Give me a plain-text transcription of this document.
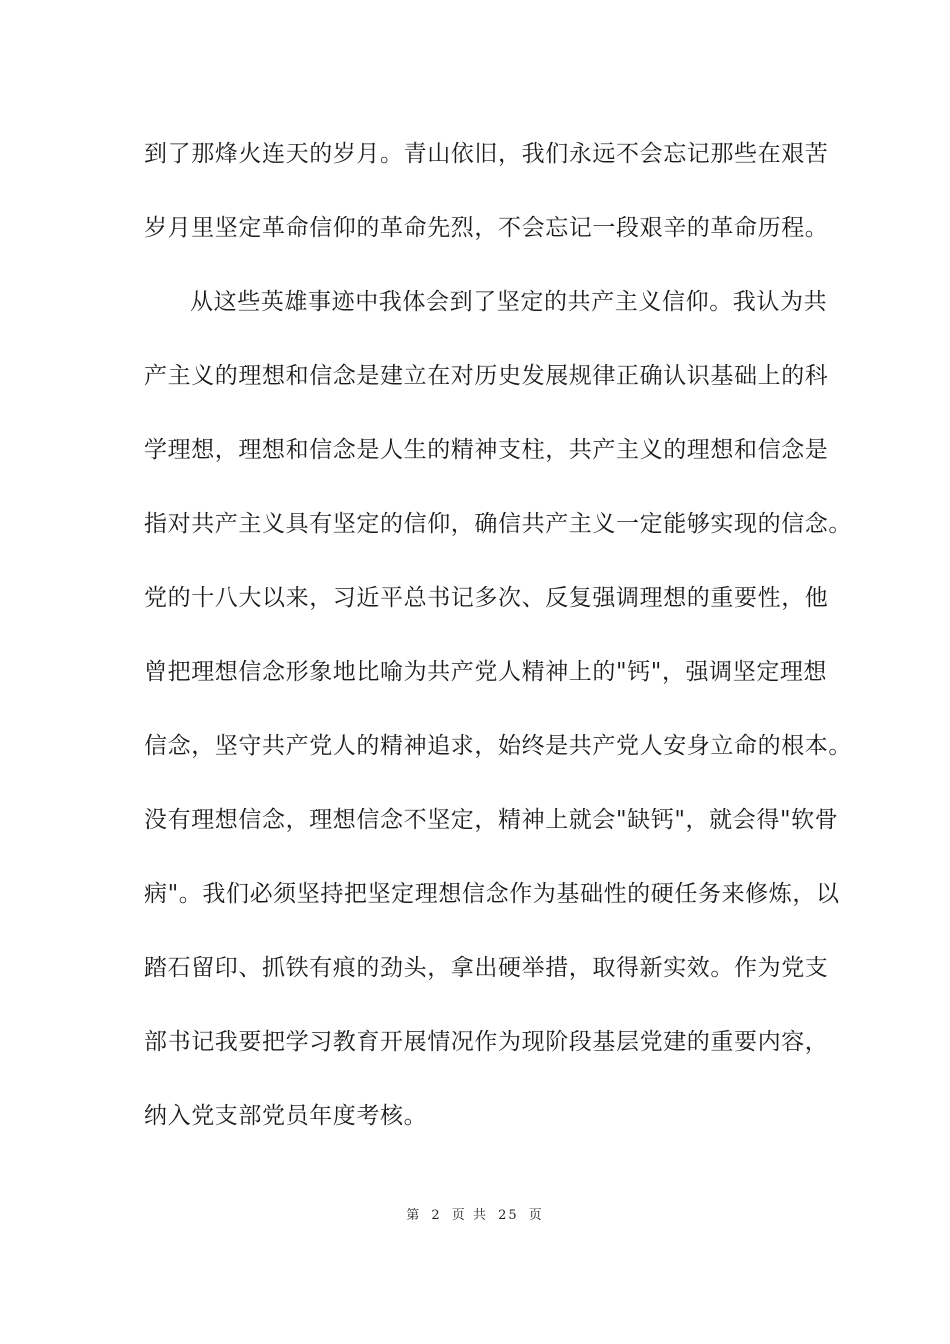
到了那烽火连天的岁月。青山依旧，我们永远不会忘记那些在艰苦
岁月里坚定革命信仰的革命先烈，不会忘记一段艰辛的革命历程。
从这些英雄事迹中我体会到了坚定的共产主义信仰。我认为共
产主义的理想和信念是建立在对历史发展规律正确认识基础上的科
学理想，理想和信念是人生的精神支柱，共产主义的理想和信念是
指对共产主义具有坚定的信仰，确信共产主义一定能够实现的信念。
党的十八大以来，习近平总书记多次、反复强调理想的重要性，他
曾把理想信念形象地比喻为共产党人精神上的"钙"，强调坚定理想
信念，坚守共产党人的精神追求，始终是共产党人安身立命的根本。
没有理想信念，理想信念不坚定，精神上就会"缺钙"，就会得"软骨
病"。我们必须坚持把坚定理想信念作为基础性的硬任务来修炼，以
踏石留印、抓铁有痕的劲头，拿出硬举措，取得新实效。作为党支
部书记我要把学习教育开展情况作为现阶段基层党建的重要内容，
纳入党支部党员年度考核。
第 2 页 共 25 页
